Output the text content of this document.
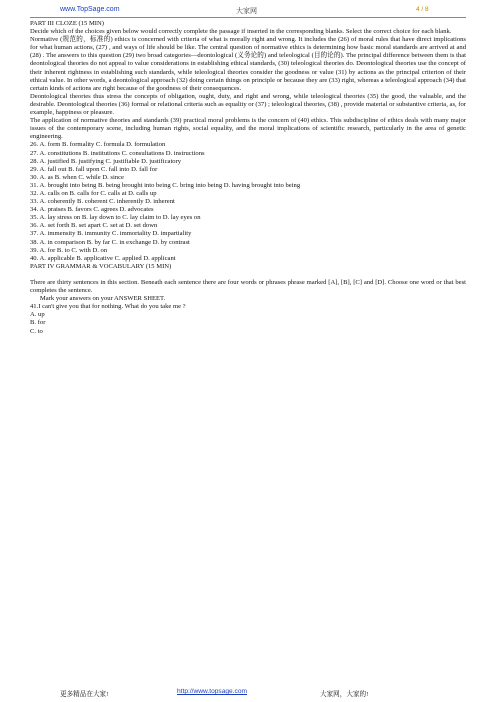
www.TopSage.com	大家网	4 / 8

PART III CLOZE (15 MIN)

Decide which of the choices given below would correctly complete the passage if inserted in the corresponding blanks. Select the correct choice for each blank.

Normative (规范的，标准的) ethics is concerned with criteria of what is morally right and wrong. It includes the (26) of moral rules that have direct implications for what human actions, (27) , and ways of life should be like. The central question of normative ethics is determining how basic moral standards are arrived at and (28) . The answers to this question (29) two broad categories—deontological (义务论的) and teleological (目的论的). The principal difference between them is that deontological theories do not appeal to value considerations in establishing ethical standards, (30) teleological theories do. Deontological theories use the concept of their inherent rightness in establishing such standards, while teleological theories consider the goodness or value (31) by actions as the principal criterion of their ethical value. In other words, a deontological approach (32) doing certain things on principle or because they are (33) right, whereas a teleological approach (34) that certain kinds of actions are right because of the goodness of their consequences.

Deontological theories thus stress the concepts of obligation, ought, duty, and right and wrong, while teleological theories (35) the good, the valuable, and the desirable. Deontological theories (36) formal or relational criteria such as equality or (37) ; teleological theories, (38) , provide material or substantive criteria, as, for example, happiness or pleasure.

The application of normative theories and standards (39) practical moral problems is the concern of (40) ethics. This subdiscipline of ethics deals with many major issues of the contemporary scene, including human rights, social equality, and the moral implications of scientific research, particularly in the area of genetic engineering.

26. A. form B. formality C. formula D. formulation

27. A. constitutions B. institutions C. consultations D. instructions

28. A. justified B. justifying C. justifiable D. justificatory

29. A. fall out B. fall upon C. fall into D. fall for

30. A. as B. when C. while D. since

31. A. brought into being B. being brought into being C. bring into being D. having brought into being

32. A. calls on B. calls for C. calls at D. calls up

33. A. coherently B. coherent C. inherently D. inherent

34. A. praises B. favors C. agrees D. advocates

35. A. lay stress on B. lay down to C. lay claim to D. lay eyes on

36. A. set forth B. set apart C. set at D. set down

37. A. immensity B. immunity C. immortality D. impartiality

38. A. in comparison B. by far C. in exchange D. by contrast

39. A. for B. to C. with D. on

40. A. applicable B. applicative C. applied D. applicant

PART IV GRAMMAR & VOCABULARY (15 MIN)

There are thirty sentences in this section. Beneath each sentence there are four words or phrases phrase marked [A], [B], [C] and [D]. Choose one word or that best completes the sentence.

Mark your answers on your ANSWER SHEET.

41.I can't give you that for nothing. What do you take me ?

A. up

B. for

C. to

更多精品在大家!	http://www.topsage.com	大家网，大家的!
